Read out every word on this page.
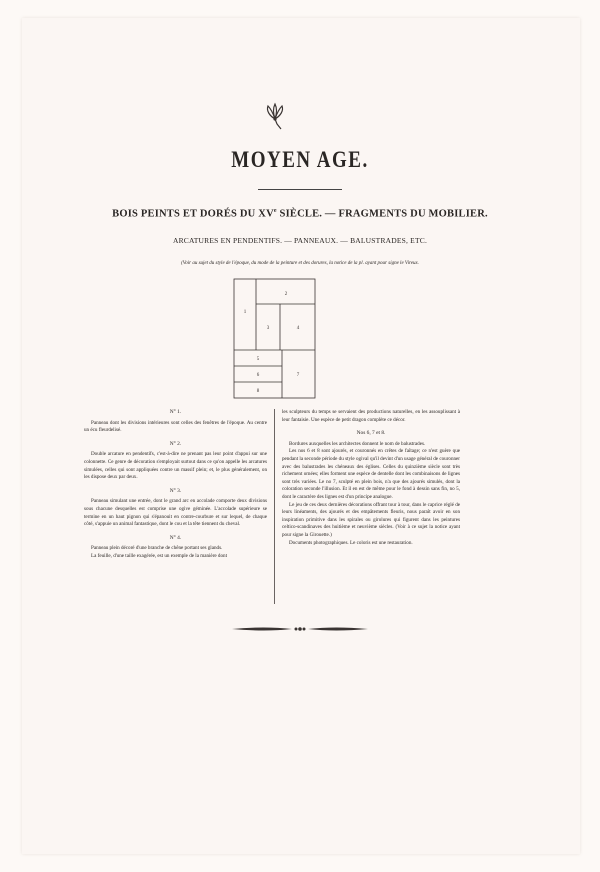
MOYEN AGE.
BOIS PEINTS ET DORÉS DU XVe SIÈCLE. — FRAGMENTS DU MOBILIER.
ARCATURES EN PENDENTIFS. — PANNEAUX. — BALUSTRADES, ETC.
(Voir au sujet du style de l'époque, du mode de la peinture et des dorures, la notice de la pl. ayant pour signe le Vireux.
1
2
3	4
5
6	7
8

N° 1.

Panneau dont les divisions intérieures sont celles des fenêtres de l'époque. Au centre un écu fleurdelisé.

N° 2.

Double arcature en pendentifs, c'est-à-dire ne prenant pas leur point d'appui sur une colonnette. Ce genre de décoration s'employait surtout dans ce qu'on appelle les arcatures simulées, celles qui sont appliquées contre un massif plein; et, le plus généralement, on les dispose deux par deux.

N° 3.

Panneau simulant une entrée, dont le grand arc en accolade comporte deux divisions sous chacune desquelles est comprise une ogive géminée. L'accolade supérieure se termine en un haut pignon qui s'épanouit en contre-courbure et sur lequel, de chaque côté, s'appuie un animal fantastique, dont le cou et la tête tiennent du cheval.

N° 4.

Panneau plein décoré d'une branche de chêne portant ses glands.

La feuille, d'une taille exagérée, est un exemple de la manière dont

les sculpteurs du temps se servaient des productions naturelles, en les assouplissant à leur fantaisie. Une espèce de petit dragon complète ce décor.

Nos 6, 7 et 8.

Bordures auxquelles les architectes donnent le nom de balustrades.

Les nos 6 et 8 sont ajourés, et couronnés en crêtes de faîtage; ce n'est guère que pendant la seconde période du style ogival qu'il devint d'un usage général de couronner avec des balustrades les chéneaux des églises. Celles du quinzième siècle sont très richement ornées; elles forment une espèce de dentelle dont les combinaisons de lignes sont très variées. Le no 7, sculpté en plein bois, n'a que des ajourés simulés, dont la coloration seconde l'illusion. Et il en est de même pour le fond à dessin sans fin, no 5, dont le caractère des lignes est d'un principe analogue.

Le jeu de ces deux dernières décorations offrant tour à tour, dans le caprice réglé de leurs linéaments, des ajourés et des empâtements fleuris, nous paraît avoir en son inspiration primitive dans les spirales ou girolures qui figurent dans les peintures celtico-scandinaves des huitième et neuvième siècles. (Voir à ce sujet la notice ayant pour signe la Girouette.)

Documents photographiques. Le coloris est une restauration.
